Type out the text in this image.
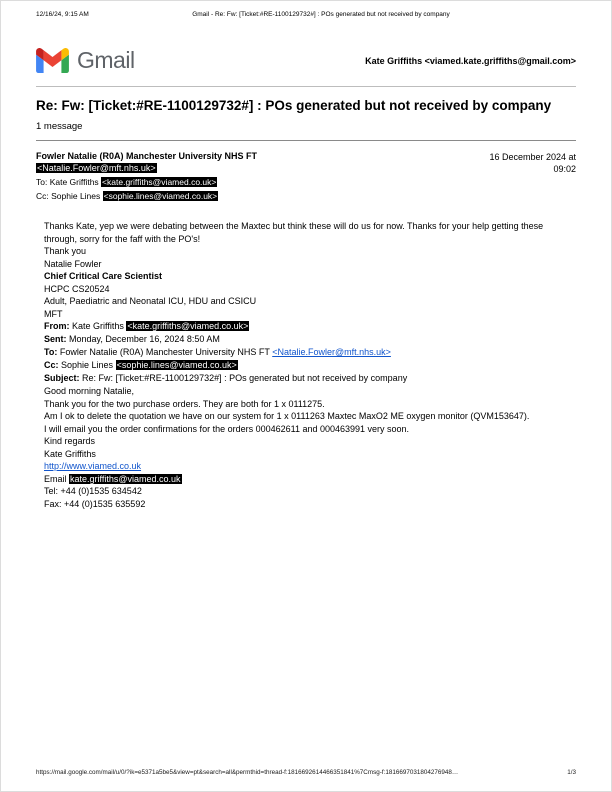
12/16/24, 9:15 AM	Gmail - Re: Fw: [Ticket:#RE-1100129732#] : POs generated but not received by company
Gmail	Kate Griffiths <viamed.kate.griffiths@gmail.com>
Re: Fw: [Ticket:#RE-1100129732#] : POs generated but not received by company
1 message
Fowler Natalie (R0A) Manchester University NHS FT
<Natalie.Fowler@mft.nhs.uk>
To: Kate Griffiths <kate.griffiths@viamed.co.uk>
Cc: Sophie Lines <sophie.lines@viamed.co.uk>
16 December 2024 at 09:02

Thanks Kate, yep we were debating between the Maxtec but think these will do us for now. Thanks for your help getting these through, sorry for the faff with the PO's!

Thank you

Natalie Fowler

Chief Critical Care Scientist

HCPC CS20524

Adult, Paediatric and Neonatal ICU, HDU and CSICU

MFT

From: Kate Griffiths <kate.griffiths@viamed.co.uk>

Sent: Monday, December 16, 2024 8:50 AM

To: Fowler Natalie (R0A) Manchester University NHS FT <Natalie.Fowler@mft.nhs.uk>

Cc: Sophie Lines <sophie.lines@viamed.co.uk>

Subject: Re: Fw: [Ticket:#RE-1100129732#] : POs generated but not received by company

Good morning Natalie,

Thank you for the two purchase orders. They are both for 1 x 0111275.

Am I ok to delete the quotation we have on our system for 1 x 0111263 Maxtec MaxO2 ME oxygen monitor (QVM153647).

I will email you the order confirmations for the orders 000462611 and 000463991 very soon.

Kind regards

Kate Griffiths

http://www.viamed.co.uk

Email kate.griffiths@viamed.co.uk

Tel: +44 (0)1535 634542

Fax: +44 (0)1535 635592

https://mail.google.com/mail/u/0/?ik=e5371a5be5&view=pt&search=all&permthid=thread-f:1816692614466351841%7Cmsg-f:1816697031804276948…	1/3
